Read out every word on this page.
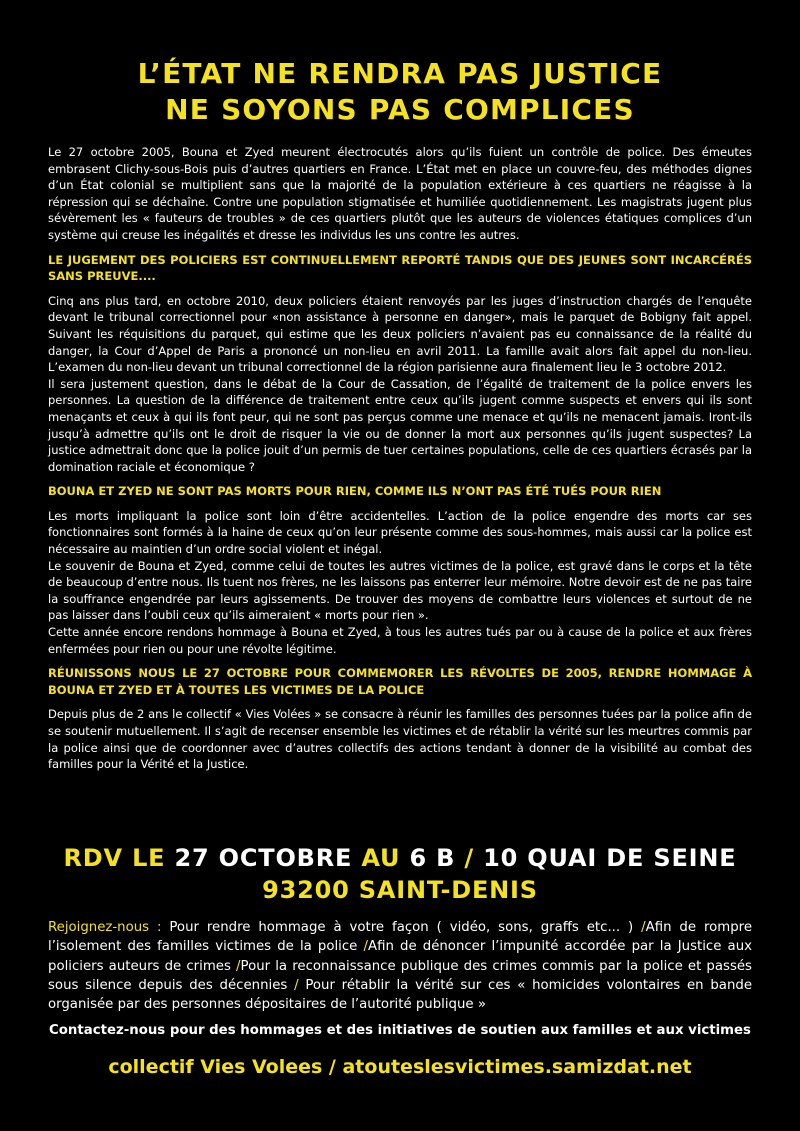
L’ÉTAT NE RENDRA PAS JUSTICE
NE SOYONS PAS COMPLICES

Le 27 octobre 2005, Bouna et Zyed meurent électrocutés alors qu’ils fuient un contrôle de police. Des émeutes embrasent Clichy-sous-Bois puis d’autres quartiers en France. L’État met en place un couvre-feu, des méthodes dignes d’un État colonial se multiplient sans que la majorité de la population extérieure à ces quartiers ne réagisse à la répression qui se déchaîne. Contre une population stigmatisée et humiliée quotidiennement. Les magistrats jugent plus sévèrement les « fauteurs de troubles » de ces quartiers plutôt que les auteurs de violences étatiques complices d’un système qui creuse les inégalités et dresse les individus les uns contre les autres.

LE JUGEMENT DES POLICIERS EST CONTINUELLEMENT REPORTÉ TANDIS QUE DES JEUNES SONT INCARCÉRÉS SANS PREUVE....

Cinq ans plus tard, en octobre 2010, deux policiers étaient renvoyés par les juges d’instruction chargés de l’enquête devant le tribunal correctionnel pour «non assistance à personne en danger», mais le parquet de Bobigny fait appel. Suivant les réquisitions du parquet, qui estime que les deux policiers n’avaient pas eu connaissance de la réalité du danger, la Cour d’Appel de Paris a prononcé un non-lieu en avril 2011. La famille avait alors fait appel du non-lieu. L’examen du non-lieu devant un tribunal correctionnel de la région parisienne aura finalement lieu le 3 octobre 2012.
Il sera justement question, dans le débat de la Cour de Cassation, de l’égalité de traitement de la police envers les personnes. La question de la différence de traitement entre ceux qu’ils jugent comme suspects et envers qui ils sont menaçants et ceux à qui ils font peur, qui ne sont pas perçus comme une menace et qu’ils ne menacent jamais. Iront-ils jusqu’à admettre qu’ils ont le droit de risquer la vie ou de donner la mort aux personnes qu’ils jugent suspectes? La justice admettrait donc que la police jouit d’un permis de tuer certaines populations, celle de ces quartiers écrasés par la domination raciale et économique ?

BOUNA ET ZYED NE SONT PAS MORTS POUR RIEN, COMME ILS N’ONT PAS ÉTÉ TUÉS POUR RIEN

Les morts impliquant la police sont loin d’être accidentelles. L’action de la police engendre des morts car ses fonctionnaires sont formés à la haine de ceux qu’on leur présente comme des sous-hommes, mais aussi car la police est nécessaire au maintien d’un ordre social violent et inégal.
Le souvenir de Bouna et Zyed, comme celui de toutes les autres victimes de la police, est gravé dans le corps et la tête de beaucoup d’entre nous. Ils tuent nos frères, ne les laissons pas enterrer leur mémoire. Notre devoir est de ne pas taire la souffrance engendrée par leurs agissements. De trouver des moyens de combattre leurs violences et surtout de ne pas laisser dans l’oubli ceux qu’ils aimeraient « morts pour rien ».
Cette année encore rendons hommage à Bouna et Zyed, à tous les autres tués par ou à cause de la police et aux frères enfermées pour rien ou pour une révolte légitime.

RÉUNISSONS NOUS LE 27 OCTOBRE POUR COMMEMORER LES RÉVOLTES DE 2005, RENDRE HOMMAGE À BOUNA ET ZYED ET À TOUTES LES VICTIMES DE LA POLICE

Depuis plus de 2 ans le collectif « Vies Volées » se consacre à réunir les familles des personnes tuées par la police afin de se soutenir mutuellement. Il s’agit de recenser ensemble les victimes et de rétablir la vérité sur les meurtres commis par la police ainsi que de coordonner avec d’autres collectifs des actions tendant à donner de la visibilité au combat des familles pour la Vérité et la Justice.

RDV LE 27 OCTOBRE AU 6 B / 10 QUAI DE SEINE
93200 SAINT-DENIS
Rejoignez-nous : Pour rendre hommage à votre façon ( vidéo, sons, graffs etc... ) /Afin de rompre l’isolement des familles victimes de la police /Afin de dénoncer l’impunité accordée par la Justice aux policiers auteurs de crimes /Pour la reconnaissance publique des crimes commis par la police et passés sous silence depuis des décennies / Pour rétablir la vérité sur ces « homicides volontaires en bande organisée par des personnes dépositaires de l’autorité publique »
Contactez-nous pour des hommages et des initiatives de soutien aux familles et aux victimes
collectif Vies Volees / atouteslesvictimes.samizdat.net
